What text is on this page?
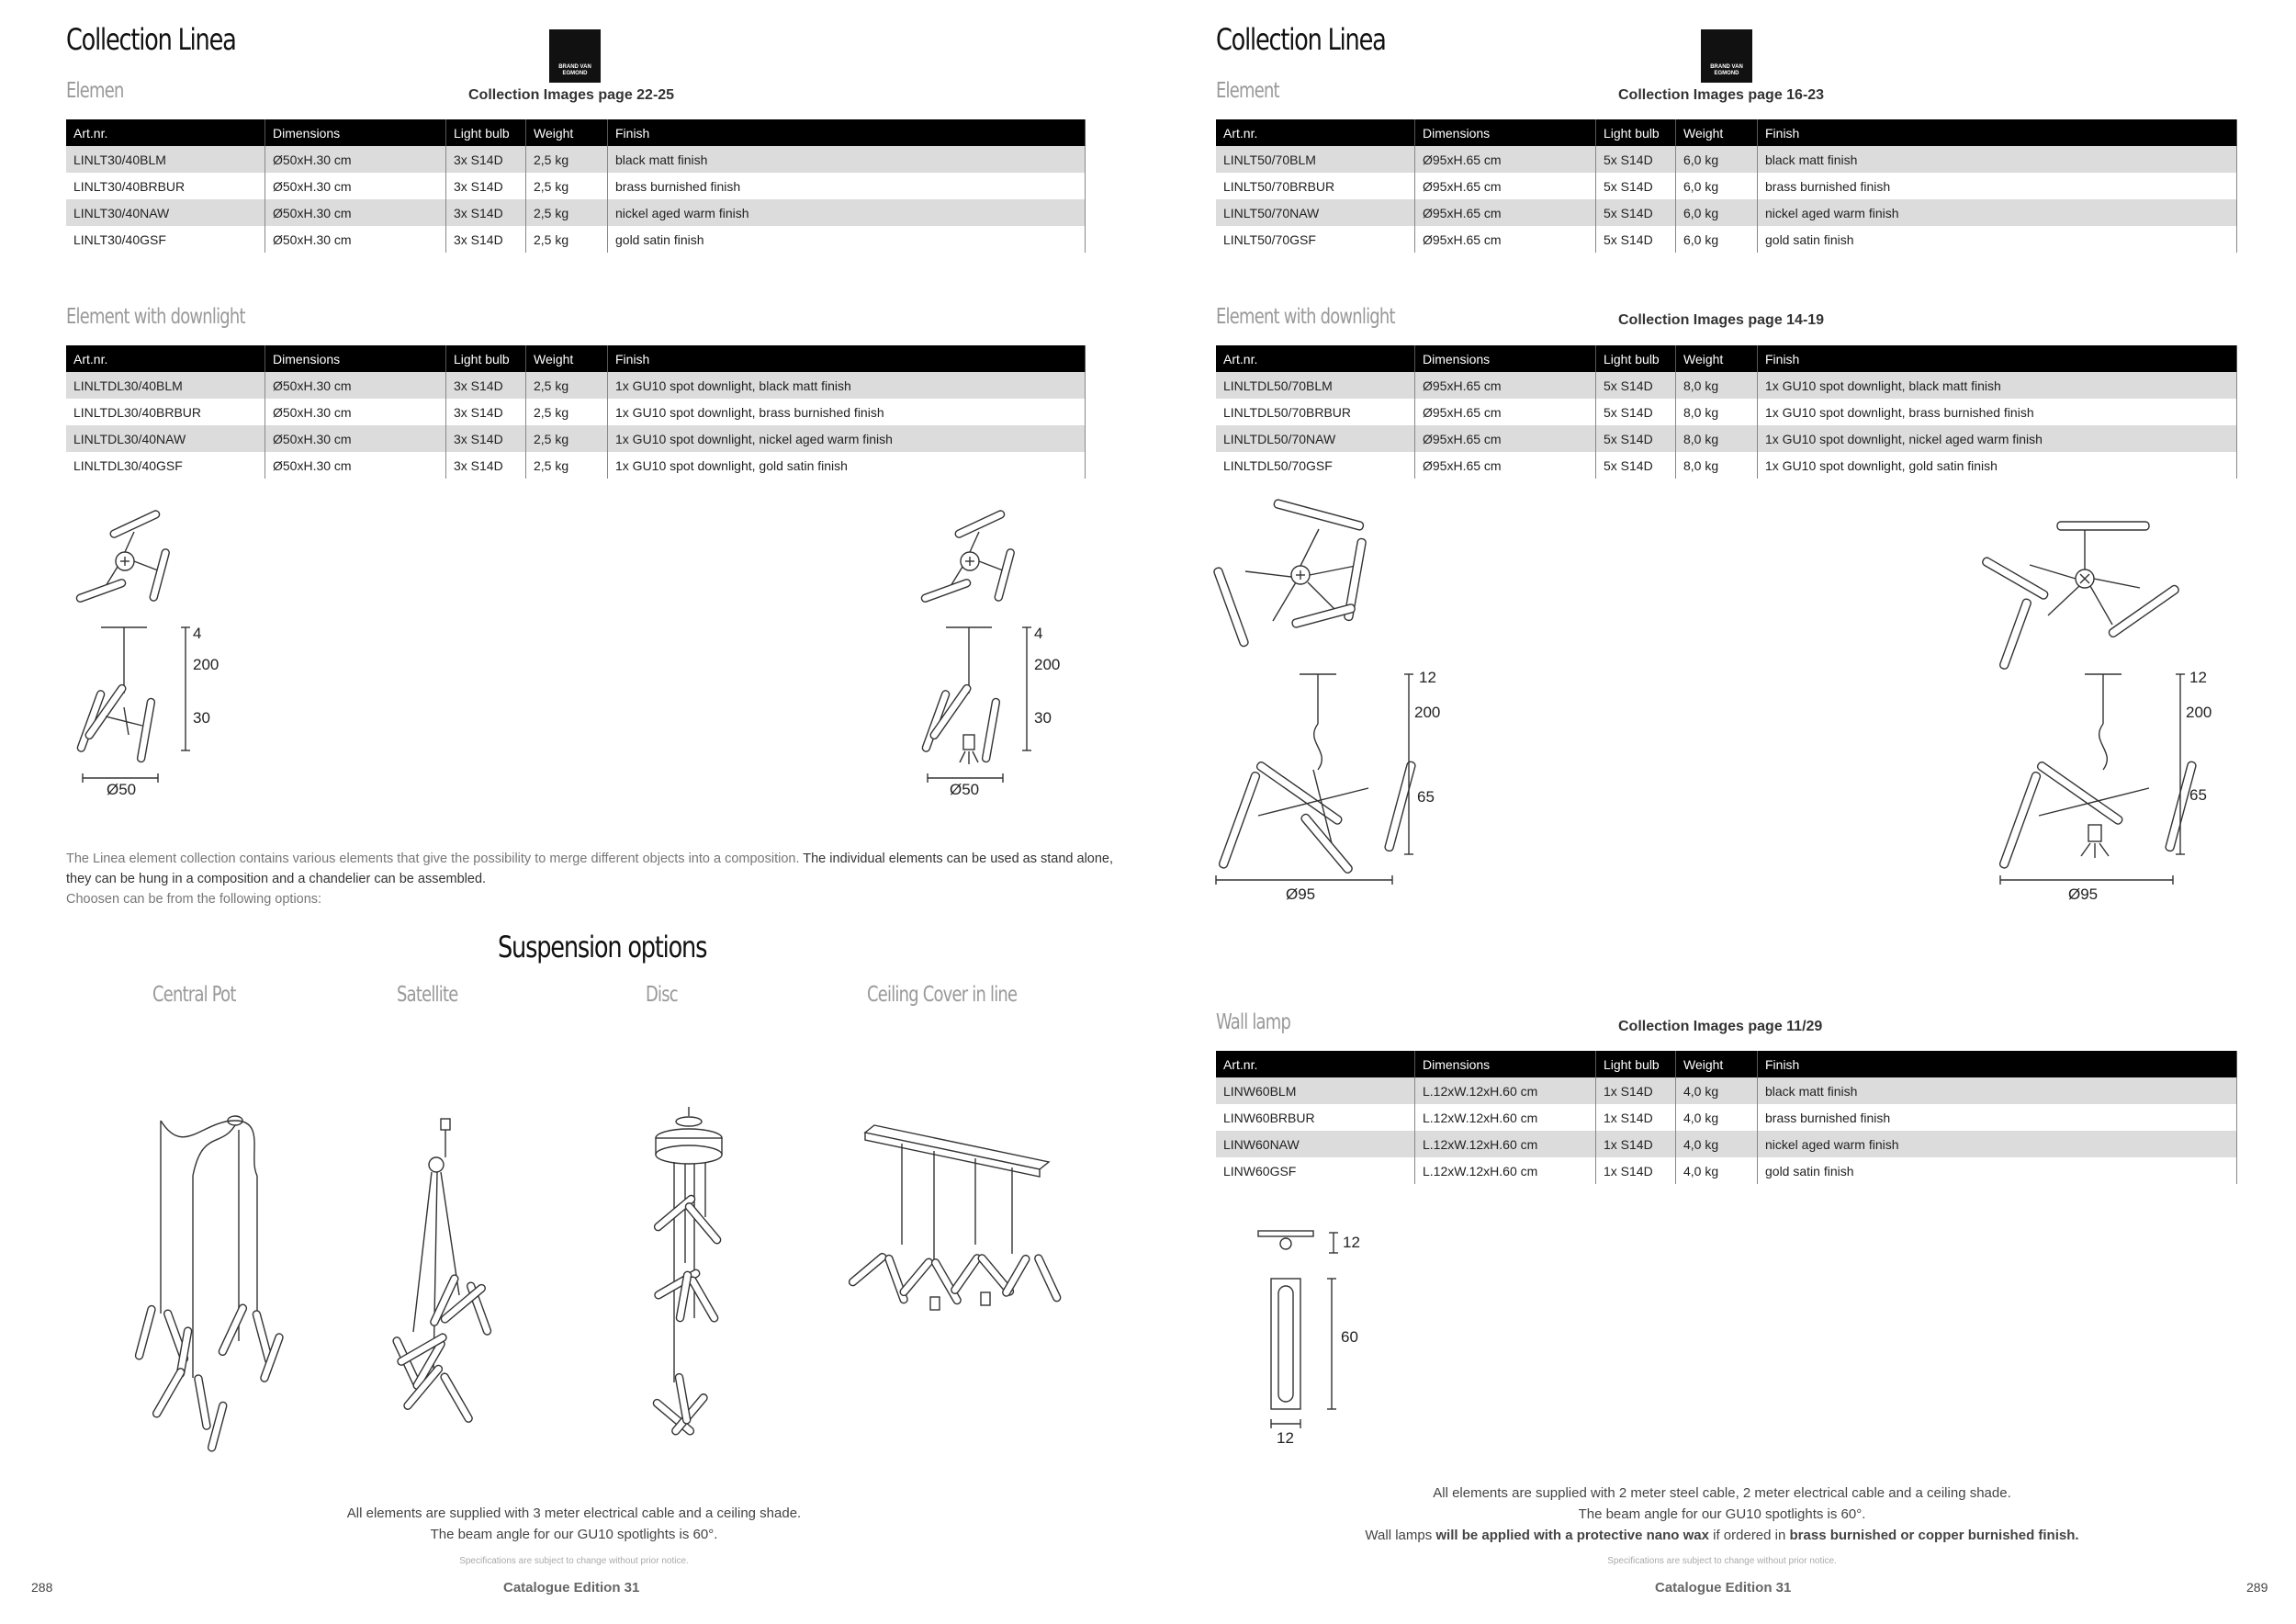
Collection Linea
BRAND VAN
EGMOND
Elemen	Collection Images page 22-25
Art.nr.	Dimensions	Light bulb	Weight	Finish
LINLT30/40BLM	Ø50xH.30 cm	3x S14D	2,5 kg	black matt finish
LINLT30/40BRBUR	Ø50xH.30 cm	3x S14D	2,5 kg	brass burnished finish
LINLT30/40NAW	Ø50xH.30 cm	3x S14D	2,5 kg	nickel aged warm finish
LINLT30/40GSF	Ø50xH.30 cm	3x S14D	2,5 kg	gold satin finish
Element with downlight
Art.nr.	Dimensions	Light bulb	Weight	Finish
LINLTDL30/40BLM	Ø50xH.30 cm	3x S14D	2,5 kg	1x GU10 spot downlight, black matt finish
LINLTDL30/40BRBUR	Ø50xH.30 cm	3x S14D	2,5 kg	1x GU10 spot downlight, brass burnished finish
LINLTDL30/40NAW	Ø50xH.30 cm	3x S14D	2,5 kg	1x GU10 spot downlight, nickel aged warm finish
LINLTDL30/40GSF	Ø50xH.30 cm	3x S14D	2,5 kg	1x GU10 spot downlight, gold satin finish
4
200
30
Ø50
4
200
30
Ø50
The Linea element collection contains various elements that give the possibility to merge different objects into a composition. The individual elements can be used as stand alone,
they can be hung in a composition and a chandelier can be assembled.
Choosen can be from the following options:
Suspension options
Central Pot	Satellite	Disc	Ceiling Cover in line
All elements are supplied with 3 meter electrical cable and a ceiling shade.
The beam angle for our GU10 spotlights is 60°.
Specifications are subject to change without prior notice.
288	Catalogue Edition 31
Collection Linea
BRAND VAN
EGMOND
Element	Collection Images page 16-23
Art.nr.	Dimensions	Light bulb	Weight	Finish
LINLT50/70BLM	Ø95xH.65 cm	5x S14D	6,0 kg	black matt finish
LINLT50/70BRBUR	Ø95xH.65 cm	5x S14D	6,0 kg	brass burnished finish
LINLT50/70NAW	Ø95xH.65 cm	5x S14D	6,0 kg	nickel aged warm finish
LINLT50/70GSF	Ø95xH.65 cm	5x S14D	6,0 kg	gold satin finish
Element with downlight	Collection Images page 14-19
Art.nr.	Dimensions	Light bulb	Weight	Finish
LINLTDL50/70BLM	Ø95xH.65 cm	5x S14D	8,0 kg	1x GU10 spot downlight, black matt finish
LINLTDL50/70BRBUR	Ø95xH.65 cm	5x S14D	8,0 kg	1x GU10 spot downlight, brass burnished finish
LINLTDL50/70NAW	Ø95xH.65 cm	5x S14D	8,0 kg	1x GU10 spot downlight, nickel aged warm finish
LINLTDL50/70GSF	Ø95xH.65 cm	5x S14D	8,0 kg	1x GU10 spot downlight, gold satin finish
12
200
65
Ø95
12
200
65
Ø95
Wall lamp	Collection Images page 11/29
Art.nr.	Dimensions	Light bulb	Weight	Finish
LINW60BLM	L.12xW.12xH.60 cm	1x S14D	4,0 kg	black matt finish
LINW60BRBUR	L.12xW.12xH.60 cm	1x S14D	4,0 kg	brass burnished finish
LINW60NAW	L.12xW.12xH.60 cm	1x S14D	4,0 kg	nickel aged warm finish
LINW60GSF	L.12xW.12xH.60 cm	1x S14D	4,0 kg	gold satin finish
12
60
12
All elements are supplied with 2 meter steel cable, 2 meter electrical cable and a ceiling shade.
The beam angle for our GU10 spotlights is 60°.
Wall lamps will be applied with a protective nano wax if ordered in brass burnished or copper burnished finish.
Specifications are subject to change without prior notice.
Catalogue Edition 31	289
